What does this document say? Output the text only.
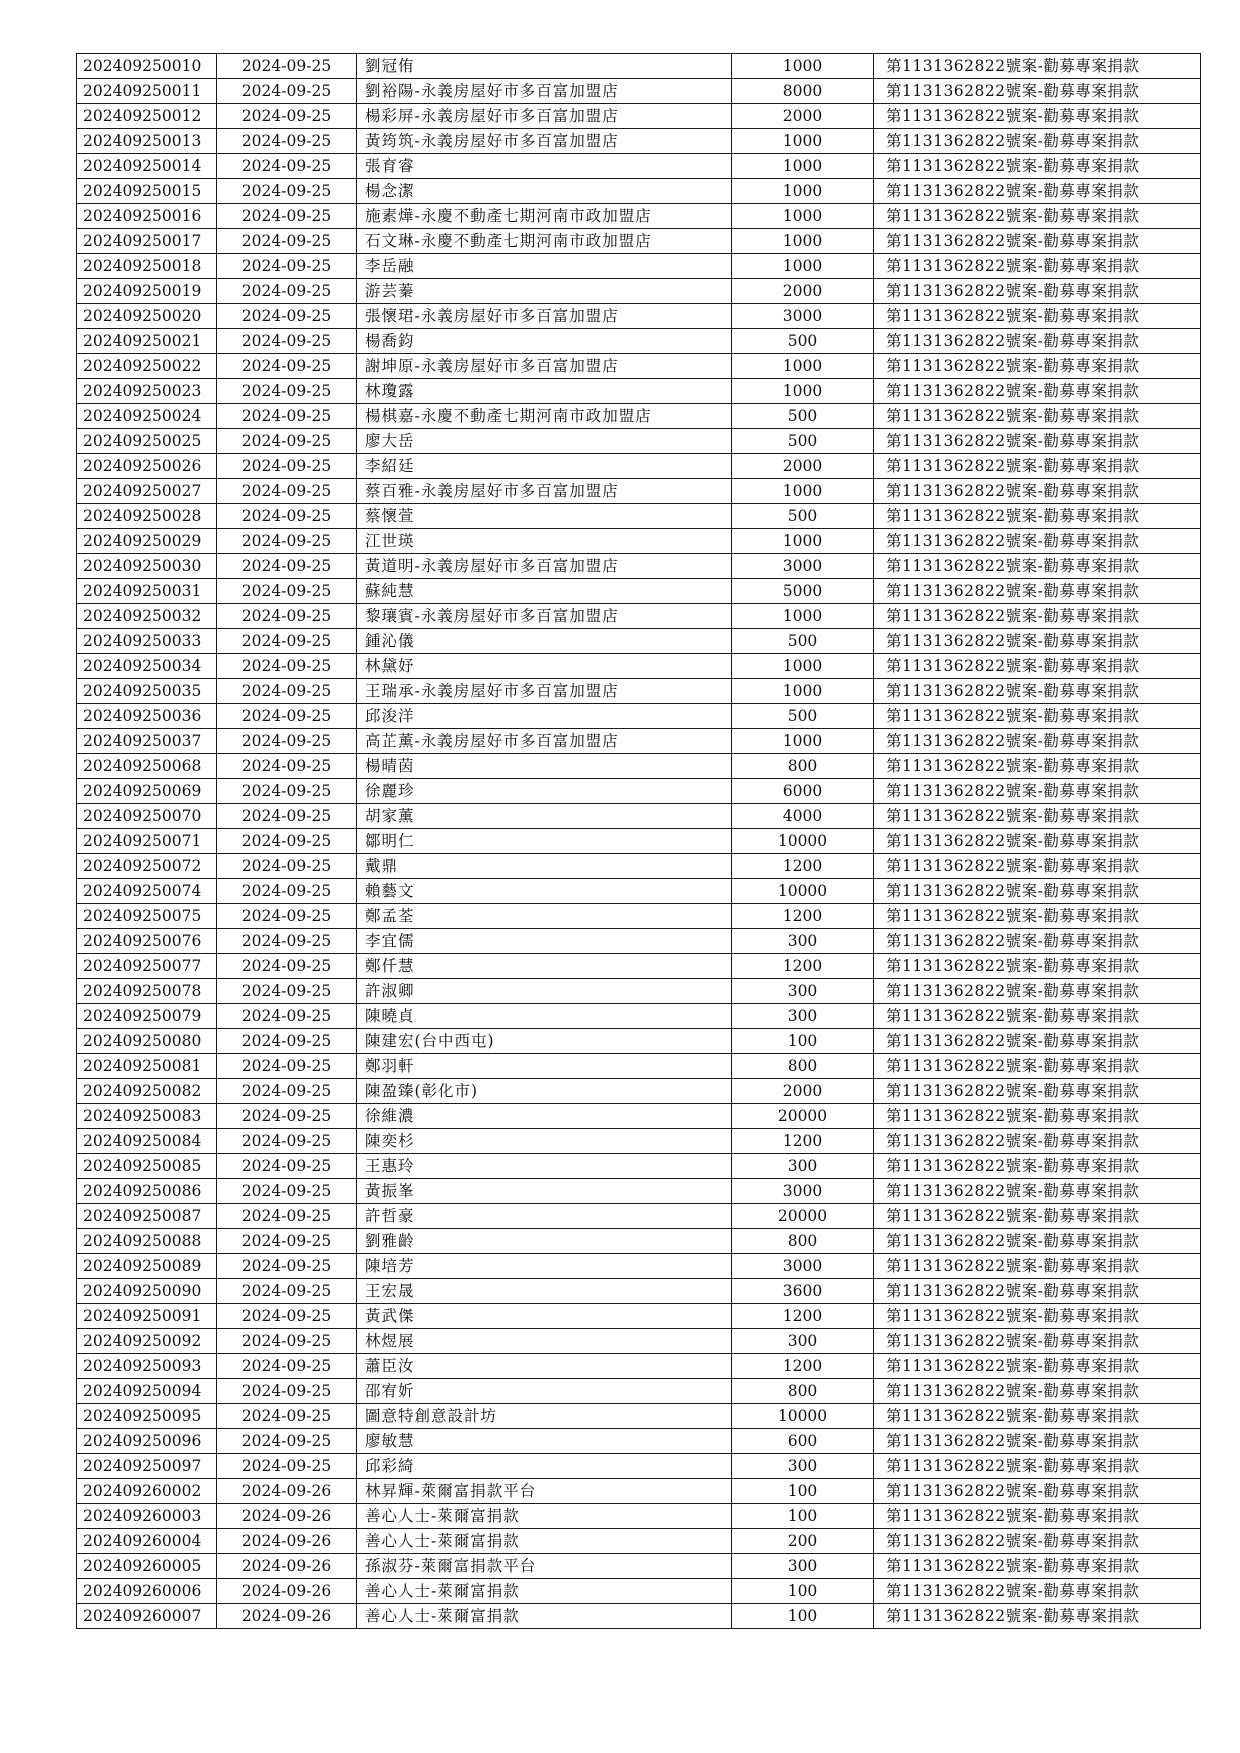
202409250010	2024-09-25	劉冠侑	1000	第1131362822號案-勸募專案捐款
202409250011	2024-09-25	劉裕陽-永義房屋好市多百富加盟店	8000	第1131362822號案-勸募專案捐款
202409250012	2024-09-25	楊彩屏-永義房屋好市多百富加盟店	2000	第1131362822號案-勸募專案捐款
202409250013	2024-09-25	黃筠筑-永義房屋好市多百富加盟店	1000	第1131362822號案-勸募專案捐款
202409250014	2024-09-25	張育睿	1000	第1131362822號案-勸募專案捐款
202409250015	2024-09-25	楊念潔	1000	第1131362822號案-勸募專案捐款
202409250016	2024-09-25	施素燁-永慶不動產七期河南市政加盟店	1000	第1131362822號案-勸募專案捐款
202409250017	2024-09-25	石文琳-永慶不動產七期河南市政加盟店	1000	第1131362822號案-勸募專案捐款
202409250018	2024-09-25	李岳融	1000	第1131362822號案-勸募專案捐款
202409250019	2024-09-25	游芸蓁	2000	第1131362822號案-勸募專案捐款
202409250020	2024-09-25	張懷珺-永義房屋好市多百富加盟店	3000	第1131362822號案-勸募專案捐款
202409250021	2024-09-25	楊喬鈞	500	第1131362822號案-勸募專案捐款
202409250022	2024-09-25	謝坤原-永義房屋好市多百富加盟店	1000	第1131362822號案-勸募專案捐款
202409250023	2024-09-25	林瓊露	1000	第1131362822號案-勸募專案捐款
202409250024	2024-09-25	楊棋嘉-永慶不動產七期河南市政加盟店	500	第1131362822號案-勸募專案捐款
202409250025	2024-09-25	廖大岳	500	第1131362822號案-勸募專案捐款
202409250026	2024-09-25	李紹廷	2000	第1131362822號案-勸募專案捐款
202409250027	2024-09-25	蔡百雅-永義房屋好市多百富加盟店	1000	第1131362822號案-勸募專案捐款
202409250028	2024-09-25	蔡懷萱	500	第1131362822號案-勸募專案捐款
202409250029	2024-09-25	江世瑛	1000	第1131362822號案-勸募專案捐款
202409250030	2024-09-25	黃道明-永義房屋好市多百富加盟店	3000	第1131362822號案-勸募專案捐款
202409250031	2024-09-25	蘇純慧	5000	第1131362822號案-勸募專案捐款
202409250032	2024-09-25	黎瓖賓-永義房屋好市多百富加盟店	1000	第1131362822號案-勸募專案捐款
202409250033	2024-09-25	鍾沁儀	500	第1131362822號案-勸募專案捐款
202409250034	2024-09-25	林黛妤	1000	第1131362822號案-勸募專案捐款
202409250035	2024-09-25	王瑞承-永義房屋好市多百富加盟店	1000	第1131362822號案-勸募專案捐款
202409250036	2024-09-25	邱浚洋	500	第1131362822號案-勸募專案捐款
202409250037	2024-09-25	高芷薰-永義房屋好市多百富加盟店	1000	第1131362822號案-勸募專案捐款
202409250068	2024-09-25	楊晴茵	800	第1131362822號案-勸募專案捐款
202409250069	2024-09-25	徐麗珍	6000	第1131362822號案-勸募專案捐款
202409250070	2024-09-25	胡家薰	4000	第1131362822號案-勸募專案捐款
202409250071	2024-09-25	鄒明仁	10000	第1131362822號案-勸募專案捐款
202409250072	2024-09-25	戴鼎	1200	第1131362822號案-勸募專案捐款
202409250074	2024-09-25	賴藝文	10000	第1131362822號案-勸募專案捐款
202409250075	2024-09-25	鄭孟荃	1200	第1131362822號案-勸募專案捐款
202409250076	2024-09-25	李宜儒	300	第1131362822號案-勸募專案捐款
202409250077	2024-09-25	鄭仟慧	1200	第1131362822號案-勸募專案捐款
202409250078	2024-09-25	許淑卿	300	第1131362822號案-勸募專案捐款
202409250079	2024-09-25	陳曉貞	300	第1131362822號案-勸募專案捐款
202409250080	2024-09-25	陳建宏(台中西屯)	100	第1131362822號案-勸募專案捐款
202409250081	2024-09-25	鄭羽軒	800	第1131362822號案-勸募專案捐款
202409250082	2024-09-25	陳盈臻(彰化市)	2000	第1131362822號案-勸募專案捐款
202409250083	2024-09-25	徐維濃	20000	第1131362822號案-勸募專案捐款
202409250084	2024-09-25	陳奕杉	1200	第1131362822號案-勸募專案捐款
202409250085	2024-09-25	王惠玲	300	第1131362822號案-勸募專案捐款
202409250086	2024-09-25	黃振峯	3000	第1131362822號案-勸募專案捐款
202409250087	2024-09-25	許哲豪	20000	第1131362822號案-勸募專案捐款
202409250088	2024-09-25	劉雅齡	800	第1131362822號案-勸募專案捐款
202409250089	2024-09-25	陳培芳	3000	第1131362822號案-勸募專案捐款
202409250090	2024-09-25	王宏晟	3600	第1131362822號案-勸募專案捐款
202409250091	2024-09-25	黃武傑	1200	第1131362822號案-勸募專案捐款
202409250092	2024-09-25	林煜展	300	第1131362822號案-勸募專案捐款
202409250093	2024-09-25	蕭臣汝	1200	第1131362822號案-勸募專案捐款
202409250094	2024-09-25	邵宥妡	800	第1131362822號案-勸募專案捐款
202409250095	2024-09-25	圖意特創意設計坊	10000	第1131362822號案-勸募專案捐款
202409250096	2024-09-25	廖敏慧	600	第1131362822號案-勸募專案捐款
202409250097	2024-09-25	邱彩綺	300	第1131362822號案-勸募專案捐款
202409260002	2024-09-26	林昇輝-萊爾富捐款平台	100	第1131362822號案-勸募專案捐款
202409260003	2024-09-26	善心人士-萊爾富捐款	100	第1131362822號案-勸募專案捐款
202409260004	2024-09-26	善心人士-萊爾富捐款	200	第1131362822號案-勸募專案捐款
202409260005	2024-09-26	孫淑芬-萊爾富捐款平台	300	第1131362822號案-勸募專案捐款
202409260006	2024-09-26	善心人士-萊爾富捐款	100	第1131362822號案-勸募專案捐款
202409260007	2024-09-26	善心人士-萊爾富捐款	100	第1131362822號案-勸募專案捐款
